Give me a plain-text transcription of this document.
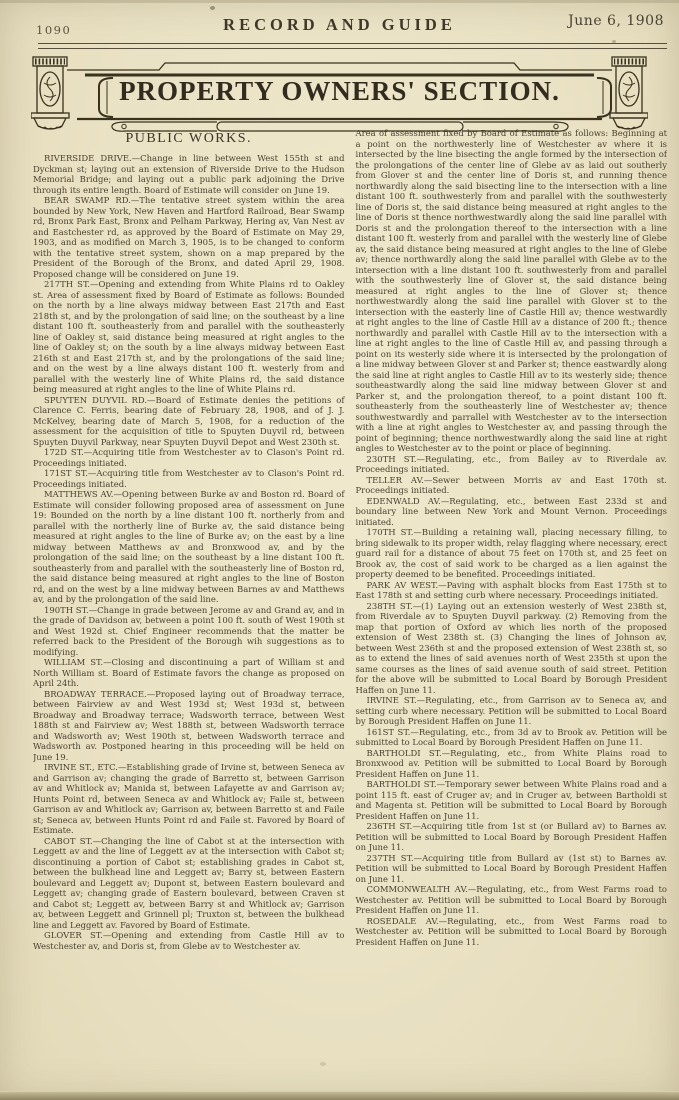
1090	RECORD AND GUIDE	June 6, 1908
PROPERTY OWNERS' SECTION.
PUBLIC WORKS.

RIVERSIDE DRIVE.—Change in line between West 155th st and Dyckman st; laying out an extension of Riverside Drive to the Hudson Memorial Bridge; and laying out a public park adjoining the Drive through its entire length. Board of Estimate will consider on June 19.

BEAR SWAMP RD.—The tentative street system within the area bounded by New York, New Haven and Hartford Railroad, Bear Swamp rd, Bronx Park East, Bronx and Pelham Parkway, Hering av, Van Nest av and Eastchester rd, as approved by the Board of Estimate on May 29, 1903, and as modified on March 3, 1905, is to be changed to conform with the tentative street system, shown on a map prepared by the President of the Borough of the Bronx, and dated April 29, 1908. Proposed change will be considered on June 19.

217TH ST.—Opening and extending from White Plains rd to Oakley st. Area of assessment fixed by Board of Estimate as follows: Bounded on the north by a line always midway between East 217th and East 218th st, and by the prolongation of said line; on the southeast by a line distant 100 ft. southeasterly from and parallel with the southeasterly line of Oakley st, said distance being measured at right angles to the line of Oakley st; on the south by a line always midway between East 216th st and East 217th st, and by the prolongations of the said line; and on the west by a line always distant 100 ft. westerly from and parallel with the westerly line of White Plains rd, the said distance being measured at right angles to the line of White Plains rd.

SPUYTEN DUYVIL RD.—Board of Estimate denies the petitions of Clarence C. Ferris, bearing date of February 28, 1908, and of J. J. McKelvey, bearing date of March 5, 1908, for a reduction of the assessment for the acquisition of title to Spuyten Duyvil rd, between Spuyten Duyvil Parkway, near Spuyten Duyvil Depot and West 230th st.

172D ST.—Acquiring title from Westchester av to Clason's Point rd. Proceedings initiated.

171ST ST.—Acquiring title from Westchester av to Clason's Point rd. Proceedings initiated.

MATTHEWS AV.—Opening between Burke av and Boston rd. Board of Estimate will consider following proposed area of assessment on June 19: Bounded on the north by a line distant 100 ft. northerly from and parallel with the northerly line of Burke av, the said distance being measured at right angles to the line of Burke av; on the east by a line midway between Matthews av and Bronxwood av, and by the prolongation of the said line; on the southeast by a line distant 100 ft. southeasterly from and parallel with the southeasterly line of Boston rd, the said distance being measured at right angles to the line of Boston rd, and on the west by a line midway between Barnes av and Matthews av, and by the prolongation of the said line.

190TH ST.—Change in grade between Jerome av and Grand av, and in the grade of Davidson av, between a point 100 ft. south of West 190th st and West 192d st. Chief Engineer recommends that the matter be referred back to the President of the Borough wih suggestions as to modifying.

WILLIAM ST.—Closing and discontinuing a part of William st and North William st. Board of Estimate favors the change as proposed on April 24th.

BROADWAY TERRACE.—Proposed laying out of Broadway terrace, between Fairview av and West 193d st; West 193d st, between Broadway and Broadway terrace; Wadsworth terrace, between West 188th st and Fairview av; West 188th st, between Wadsworth terrace and Wadsworth av; West 190th st, between Wadsworth terrace and Wadsworth av. Postponed hearing in this proceeding will be held on June 19.

IRVINE ST., ETC.—Establishing grade of Irvine st, between Seneca av and Garrison av; changing the grade of Barretto st, between Garrison av and Whitlock av; Manida st, between Lafayette av and Garrison av; Hunts Point rd, between Seneca av and Whitlock av; Faile st, between Garrison av and Whitlock av; Garrison av, between Barretto st and Faile st; Seneca av, between Hunts Point rd and Faile st. Favored by Board of Estimate.

CABOT ST.—Changing the line of Cabot st at the intersection with Leggett av and the line of Leggett av at the intersection with Cabot st; discontinuing a portion of Cabot st; establishing grades in Cabot st, between the bulkhead line and Leggett av; Barry st, between Eastern boulevard and Leggett av; Dupont st, between Eastern boulevard and Leggett av; changing grade of Eastern boulevard, between Craven st and Cabot st; Leggett av, between Barry st and Whitlock av; Garrison av, between Leggett and Grinnell pl; Truxton st, between the bulkhead line and Leggett av. Favored by Board of Estimate.

GLOVER ST.—Opening and extending from Castle Hill av to Westchester av, and Doris st, from Glebe av to Westchester av.

Area of assessment fixed by Board of Estimate as follows: Beginning at a point on the northwesterly line of Westchester av where it is intersected by the line bisecting the angle formed by the intersection of the prolongations of the center line of Glebe av as laid out southerly from Glover st and the center line of Doris st, and running thence northwardly along the said bisecting line to the intersection with a line distant 100 ft. southwesterly from and parallel with the southwesterly line of Doris st, the said distance being measured at right angles to the line of Doris st thence northwestwardly along the said line parallel with Doris st and the prolongation thereof to the intersection with a line distant 100 ft. westerly from and parallel with the westerly line of Glebe av, the said distance being measured at right angles to the line of Glebe av; thence northwardly along the said line parallel with Glebe av to the intersection with a line distant 100 ft. southwesterly from and parallel with the southwesterly line of Glover st, the said distance being measured at right angles to the line of Glover st; thence northwestwardly along the said line parallel with Glover st to the intersection with the easterly line of Castle Hill av; thence westwardly at right angles to the line of Castle Hill av a distance of 200 ft.; thence northwardly and parallel with Castle Hill av to the intersection with a line at right angles to the line of Castle Hill av, and passing through a point on its westerly side where it is intersected by the prolongation of a line midway between Glover st and Parker st; thence eastwardly along the said line at right angles to Castle Hill av to its westerly side; thence southeastwardly along the said line midway between Glover st and Parker st, and the prolongation thereof, to a point distant 100 ft. southeasterly from the southeasterly line of Westchester av; thence southwestwardly and parrallel with Westchester av to the intersection with a line at right angles to Westchester av, and passing through the point of beginning; thence northwestwardly along the said line at right angles to Westchester av to the point or place of beginning.

230TH ST.—Regulating, etc., from Bailey av to Riverdale av. Proceedings initiated.

TELLER AV.—Sewer between Morris av and East 170th st. Proceedings initiated.

EDENWALD AV.—Regulating, etc., between East 233d st and boundary line between New York and Mount Vernon. Proceedings initiated.

170TH ST.—Building a retaining wall, placing necessary filling, to bring sidewalk to its proper width, relay flagging where necessary, erect guard rail for a distance of about 75 feet on 170th st, and 25 feet on Brook av, the cost of said work to be charged as a lien against the property deemed to be benefited. Proceedings initiated.

PARK AV WEST.—Paving with asphalt blocks from East 175th st to East 178th st and setting curb where necessary. Proceedings initiated.

238TH ST.—(1) Laying out an extension westerly of West 238th st, from Riverdale av to Spuyten Duyvil parkway. (2) Removing from the map that portion of Oxford av which lies north of the proposed extension of West 238th st. (3) Changing the lines of Johnson av, between West 236th st and the proposed extension of West 238th st, so as to extend the lines of said avenues north of West 235th st upon the same courses as the lines of said avenue south of said street. Petition for the above will be submitted to Local Board by Borough President Haffen on June 11.

IRVINE ST.—Regulating, etc., from Garrison av to Seneca av, and setting curb where necessary. Petition will be submitted to Local Board by Borough President Haffen on June 11.

161ST ST.—Regulating, etc., from 3d av to Brook av. Petition will be submitted to Local Board by Borough President Haffen on June 11.

BARTHOLDI ST.—Regulating, etc., from White Plains road to Bronxwood av. Petition will be submitted to Local Board by Borough President Haffen on June 11.

BARTHOLDI ST.—Temporary sewer between White Plains road and a point 115 ft. east of Cruger av; and in Cruger av, between Bartholdi st and Magenta st. Petition will be submitted to Local Board by Borough President Haffen on June 11.

236TH ST.—Acquiring title from 1st st (or Bullard av) to Barnes av. Petition will be submitted to Local Board by Borough President Haffen on June 11.

237TH ST.—Acquiring title from Bullard av (1st st) to Barnes av. Petition will be submitted to Local Board by Borough President Haffen on June 11.

COMMONWEALTH AV.—Regulating, etc., from West Farms road to Westchester av. Petition will be submitted to Local Board by Borough President Haffen on June 11.

ROSEDALE AV.—Regulating, etc., from West Farms road to Westchester av. Petition will be submitted to Local Board by Borough President Haffen on June 11.
